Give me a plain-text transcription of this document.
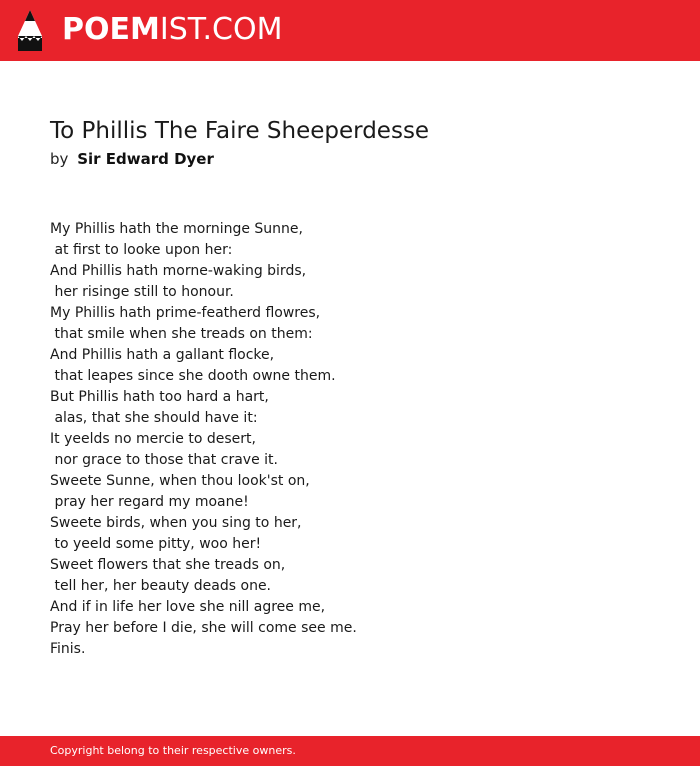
POEMIST.COM
To Phillis The Faire Sheeperdesse
by Sir Edward Dyer
My Phillis hath the morninge Sunne,
at first to looke upon her:
And Phillis hath morne-waking birds,
her risinge still to honour.
My Phillis hath prime-featherd flowres,
that smile when she treads on them:
And Phillis hath a gallant flocke,
that leapes since she dooth owne them.
But Phillis hath too hard a hart,
alas, that she should have it:
It yeelds no mercie to desert,
nor grace to those that crave it.
Sweete Sunne, when thou look'st on,
pray her regard my moane!
Sweete birds, when you sing to her,
to yeeld some pitty, woo her!
Sweet flowers that she treads on,
tell her, her beauty deads one.
And if in life her love she nill agree me,
Pray her before I die, she will come see me.
Finis.
Copyright belong to their respective owners.
